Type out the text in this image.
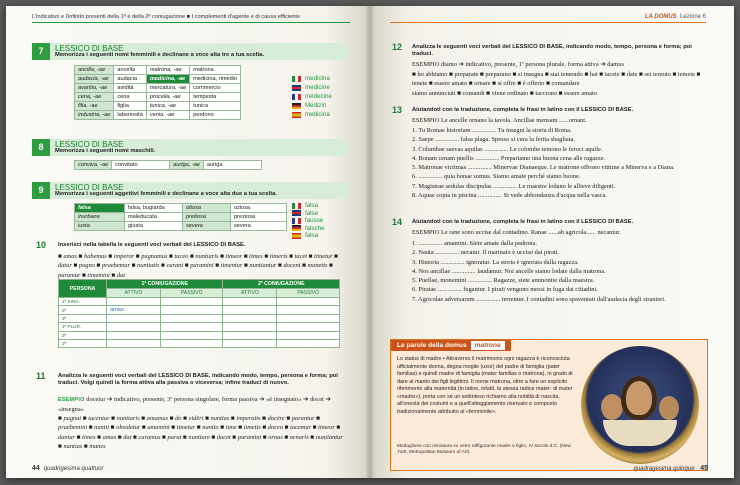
L'indicativo e l'infinito presenti della 1ª e della 2ª coniugazione ■ I complementi d'agente e di causa efficiente
7	LESSICO DI BASE
Memorizza i seguenti nomi femminili e declinane a voce alta tre a tua scelta.
ancilla, -ae	ancella	matrona, -ae	matrona
audacia, -ae	audacia	medicina, -ae	medicina, rimedio
avaritia, -ae	avidità	mercatura, -ae	commercio
cena, -ae	cena	procella, -ae	tempesta
filia, -ae	figlia	tunica, -ae	tunica
industria, -ae	laboriosità	venia, -ae	perdono
medicina
medicine
médecine
Medizin
medicina
8	LESSICO DI BASE
Memorizza i seguenti nomi maschili.
conviva, -ae	convitato	auriga, -ae	auriga
9	LESSICO DI BASE
Memorizza i seguenti aggettivi femminili e declinane a voce alta due a tua scelta.
falsa	falsa, bugiarda	otiosa	oziosa
inurbana	maleducata	pretiosa	preziosa
iusta	giusta	severa	severa
falsa
false
fausse
falsche
falsa
10 Inserisci nella tabella le seguenti voci verbali del LESSICO DI BASE.
■ amas ■ habemus ■ imperor ■ pugnamus ■ taceo ■ nuntiaris ■ timeor ■ times ■ timeris ■ tacet ■ timetur ■ datur ■ pugno ■ praebemur ■ nuntiatis ■ curant ■ paramini ■ timentur ■ nuntiantur ■ docent ■ manetis ■ paramur ■ timemini ■ dat
PERSONA	1ª CONIUGAZIONE		2ª CONIUGAZIONE	
	ATTIVO	PASSIVO	ATTIVO	PASSIVO
1ª SING.				
2ª	amas			
3ª				
1ª PLUR.				
2ª				
3ª				
11 Analizza le seguenti voci verbali del LESSICO DI BASE, indicando modo, tempo, persona e forma; poi traduci. Volgi quindi la forma attiva alla passiva o viceversa; infine traduci di nuovo.
ESEMPIO docetur ➔ indicativo, presente, 3ª persona singolare, forma passiva ➔ «è insegnato» ➔ docet ➔ «insegna»
■ pugnat ■ tacentur ■ nuntiaris ■ amamus ■ do ■ vidēri ■ nuntias ■ imperatis ■ docēre ■ parantur ■ praebemini ■ nuntii ■ obsidetur ■ amamini ■ timetur ■ nuntio ■ time ■ timetis ■ doceo ■ tacemur ■ timeor ■ dantur ■ times ■ amas ■ dat ■ curamus ■ parat ■ nuntiare ■ docet ■ paramini ■ ornas ■ ornaris ■ nuntiantur ■ nuntias ■ manes
44 quadrigesima quattuor
LA DOMUS Lezione 6
12 Analizza le seguenti voci verbali del LESSICO DI BASE, indicando modo, tempo, persona e forma; poi traduci.
ESEMPIO diamo ➔ indicativo, presente, 1ª persona plurale, forma attiva ➔ damus
■ ho abbiamo ■ preparate ■ preparano ■ si insegna ■ stai temendo ■ hai ■ tacete ■ date ■ sei temuto ■ temete ■ tenete ■ essere amato ■ ornare ■ si offre ■ è offerto ■ comandare
siamo annunciati ■ comandi ■ viene ordinato ■ tacciono ■ essere amato
13 Aiutandoti con la traduzione, completa le frasi in latino con il LESSICO DI BASE.
ESEMPIO Le ancelle ornano la tavola. Ancillae mensam ......ornant.
1. Tu Romae historiam ............... Tu insegni la storia di Roma.
2. Saepe ............... falsa plaga. Spesso si cura la ferita sbagliata.
3. Columbae saevas aquilas ............... Le colombe temono le feroci aquile.
4. Bonam cenam puellis ............... Prepariamo una buona cena alle ragazze.
5. Matronae victimas ............... Minervae Dianaeque. Le matrone offrono vittime a Minerva e a Diana.
6. ............... quia bonae sumus. Siamo amate perché siamo buone.
7. Magistrae sedulas discipulas ............... Le maestre lodano le allieve diligenti.
8. Aquae copia in piscina ............... Si vede abbondanza d'acqua nella vasca.
14 Aiutandoti con la traduzione, completa le frasi in latino con il LESSICO DI BASE.
ESEMPIO Le rane sono uccise dal contadino. Ranae ......ab agricola...... necantur.
1. ............... amamini. Siete amate dalla padrona.
2. Nauta ............... necatur. Il marinaio è ucciso dai pirati.
3. Historia ............... ignoratur. La storia è ignorata dalla ragazza.
4. Nos ancillae ............... laudamur. Noi ancelle siamo lodate dalla matrona.
5. Puellae, monemini ............... Ragazze, siete ammonite dalla maestra.
6. Piratae ............... fugantur. I pirati vengono messi in fuga dai cittadini.
7. Agricolae adversarum ............... terrentur. I contadini sono spaventati dall'audacia degli stranieri.
Le parole della domus matrona
Lo status di madre ▪ Attraverso il matrimonio ogni ragazza è riconosciuta ufficialmente donna, degna moglie (uxor) del padre di famiglia (pater familias) e quindi madre di famiglia (mater familias o matrona), in grado di dare al marito dei figli legittimi. Il nome matrona, oltre a fare un esplicito riferimento alla maternità (in latino, infatti, la stessa radice mater- di mater «madre»), porta con sé un sottinteso richiamo alla nobiltà di nascita, all'onestà dei costumi e a quell'atteggiamento riservato e composto tradizionalmente attribuito al «femminile».
Medaglione con miniatura su vetro raffigurante madre e figlio, IV secolo d.C. (New York, Metropolitan Museum of Art).
quadragesima quinque 45
